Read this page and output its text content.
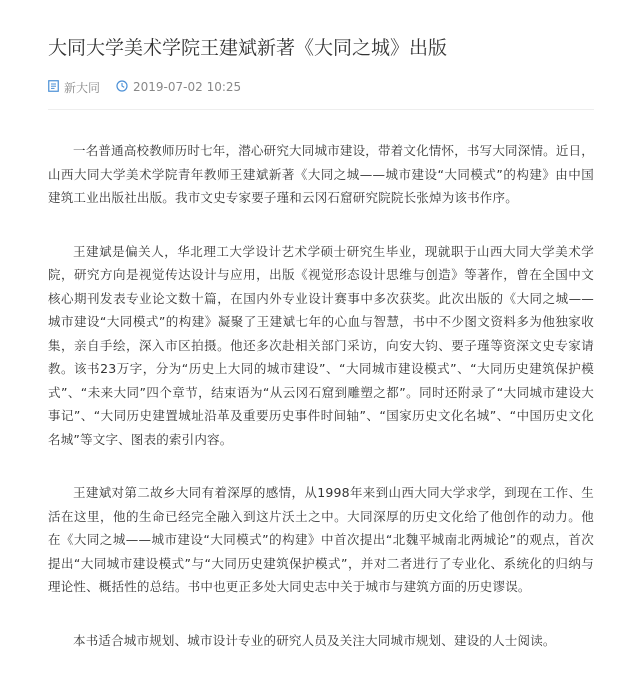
大同大学美术学院王建斌新著《大同之城》出版
新大同	2019-07-02 10:25

一名普通高校教师历时七年，潜心研究大同城市建设，带着文化情怀，书写大同深情。近日，山西大同大学美术学院青年教师王建斌新著《大同之城——城市建设“大同模式”的构建》由中国建筑工业出版社出版。我市文史专家要子瑾和云冈石窟研究院院长张焯为该书作序。

王建斌是偏关人，华北理工大学设计艺术学硕士研究生毕业，现就职于山西大同大学美术学院，研究方向是视觉传达设计与应用，出版《视觉形态设计思维与创造》等著作，曾在全国中文核心期刊发表专业论文数十篇，在国内外专业设计赛事中多次获奖。此次出版的《大同之城——城市建设“大同模式”的构建》凝聚了王建斌七年的心血与智慧，书中不少图文资料多为他独家收集，亲自手绘，深入市区拍摄。他还多次赴相关部门采访，向安大钧、要子瑾等资深文史专家请教。该书23万字，分为“历史上大同的城市建设”、“大同城市建设模式”、“大同历史建筑保护模式”、“未来大同”四个章节，结束语为“从云冈石窟到雕塑之都”。同时还附录了“大同城市建设大事记”、“大同历史建置城址沿革及重要历史事件时间轴”、“国家历史文化名城”、“中国历史文化名城”等文字、图表的索引内容。

王建斌对第二故乡大同有着深厚的感情，从1998年来到山西大同大学求学，到现在工作、生活在这里，他的生命已经完全融入到这片沃土之中。大同深厚的历史文化给了他创作的动力。他在《大同之城——城市建设“大同模式”的构建》中首次提出“北魏平城南北两城论”的观点，首次提出“大同城市建设模式”与“大同历史建筑保护模式”，并对二者进行了专业化、系统化的归纳与理论性、概括性的总结。书中也更正多处大同史志中关于城市与建筑方面的历史谬误。

本书适合城市规划、城市设计专业的研究人员及关注大同城市规划、建设的人士阅读。
